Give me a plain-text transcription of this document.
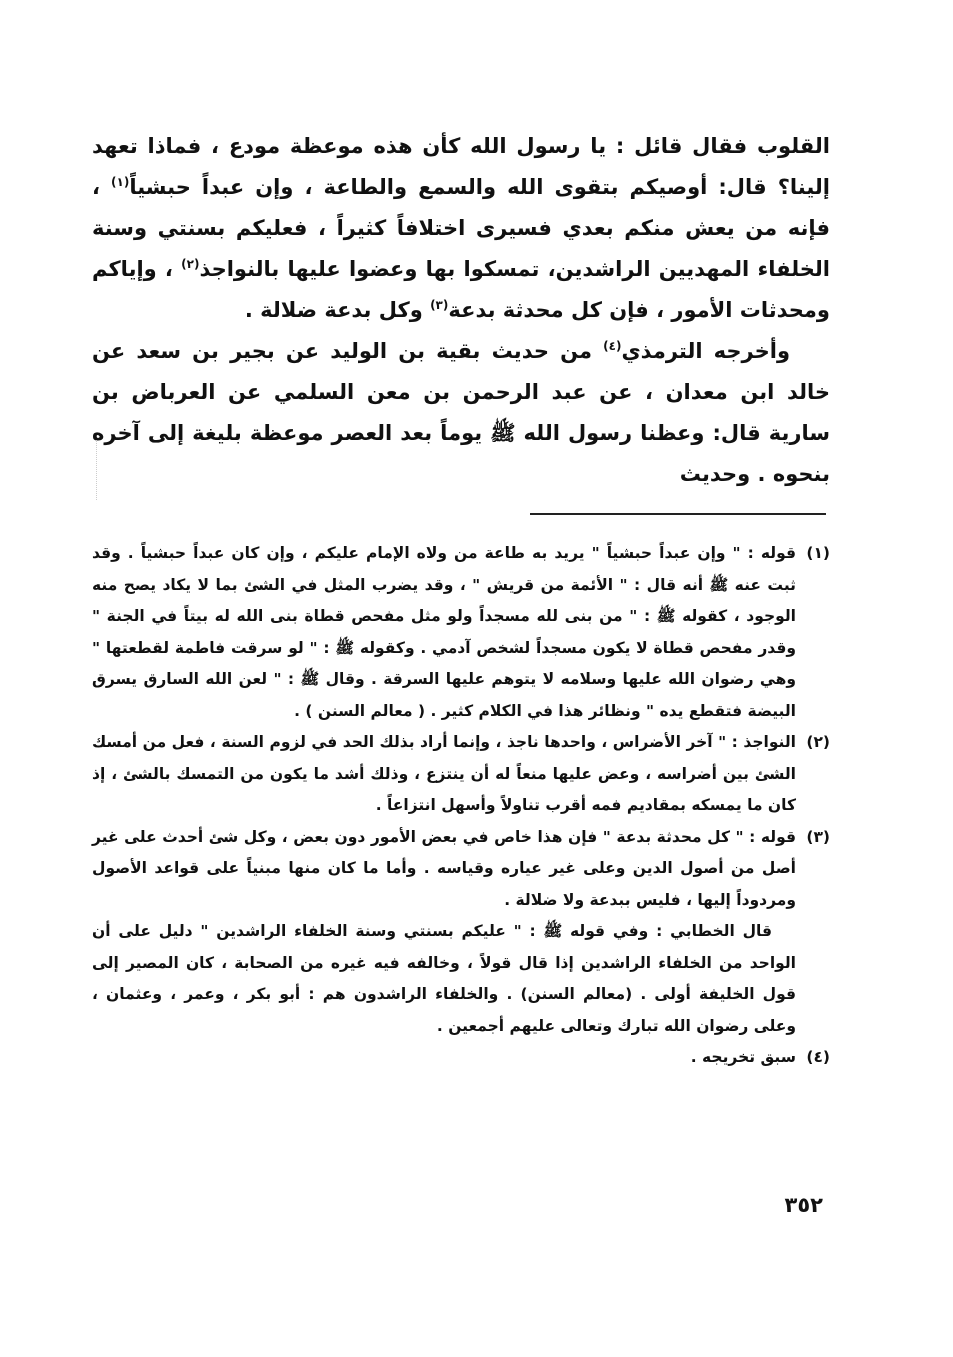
القلوب فقال قائل : يا رسول الله كأن هذه موعظة مودع ، فماذا تعهد إلينا؟ قال: أوصيكم بتقوى الله والسمع والطاعة ، وإن عبداً حبشياً$^{(١)}$ ، فإنه من يعش منكم بعدي فسيرى اختلافاً كثيراً ، فعليكم بسنتي وسنة الخلفاء المهديين الراشدين، تمسكوا بها وعضوا عليها بالنواجذ$^{(٢)}$ ، وإياكم ومحدثات الأمور ، فإن كل محدثة بدعة$^{(٣)}$ وكل بدعة ضلالة .

وأخرجه الترمذي$^{(٤)}$ من حديث بقية بن الوليد عن بجير بن سعد عن خالد ابن معدان ، عن عبد الرحمن بن معن السلمي عن العرباض بن سارية قال: وعظنا رسول الله ﷺ يوماً بعد العصر موعظة بليغة إلى آخره بنحوه . وحديث

(١)

قوله : " وإن عبداً حبشياً " يريد به طاعة من ولاه الإمام عليكم ، وإن كان عبداً حبشياً . وقد ثبت عنه ﷺ أنه قال : " الأئمة من قريش " ، وقد يضرب المثل في الشئ بما لا يكاد يصح منه الوجود ، كقوله ﷺ : " من بنى لله مسجداً ولو مثل مفحص قطاة بنى الله له بيتاً في الجنة " وقدر مفحص قطاة لا يكون مسجداً لشخص آدمي . وكقوله ﷺ : " لو سرقت فاطمة لقطعتها " وهي رضوان الله عليها وسلامه لا يتوهم عليها السرقة . وقال ﷺ : " لعن الله السارق يسرق البيضة فتقطع يده " ونظائر هذا في الكلام كثير . ( معالم السنن ) .

(٢)

النواجذ : " آخر الأضراس ، واحدها ناجذ ، وإنما أراد بذلك الحد في لزوم السنة ، فعل من أمسك الشئ بين أضراسه ، وعض عليها منعاً له أن ينتزع ، وذلك أشد ما يكون من التمسك بالشئ ، إذ كان ما يمسكه بمقاديم فمه أقرب تناولاً وأسهل انتزاعاً .

(٣)

قوله : " كل محدثة بدعة " فإن هذا خاص في بعض الأمور دون بعض ، وكل شئ أحدث على غير أصل من أصول الدين وعلى غير عياره وقياسه . وأما ما كان منها مبنياً على قواعد الأصول ومردوداً إليها ، فليس ببدعة ولا ضلالة .

قال الخطابي : وفي قوله ﷺ : " عليكم بسنتي وسنة الخلفاء الراشدين " دليل على أن الواحد من الخلفاء الراشدين إذا قال قولاً ، وخالفه فيه غيره من الصحابة ، كان المصير إلى قول الخليفة أولى . (معالم السنن) . والخلفاء الراشدون هم : أبو بكر ، وعمر ، وعثمان ، وعلى رضوان الله تبارك وتعالى عليهم أجمعين .

(٤)

سبق تخريجه .

٣٥٢
